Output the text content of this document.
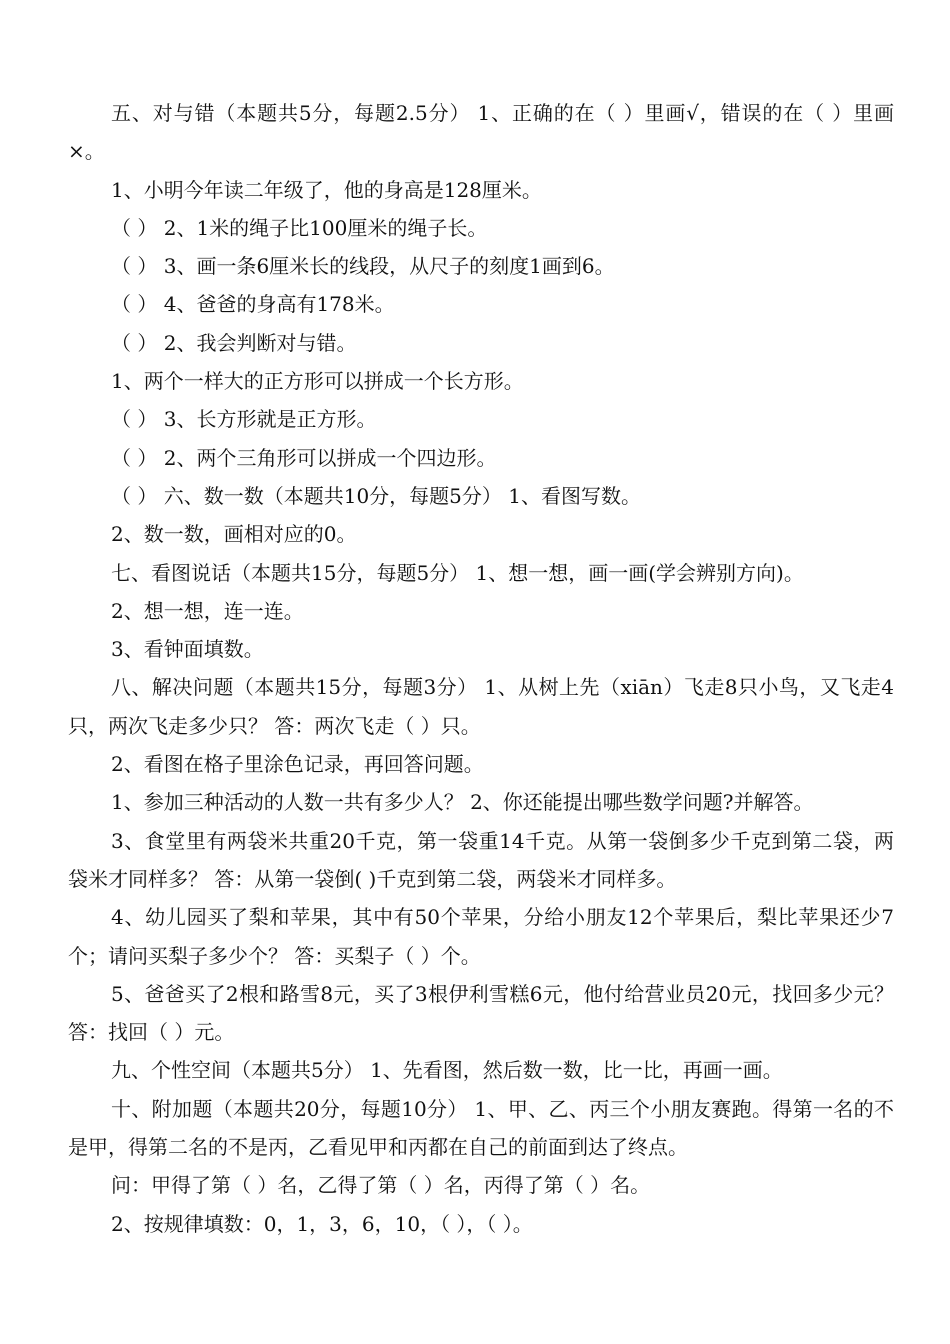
五、对与错（本题共5分，每题2.5分） 1、正确的在（ ）里画√，错误的在（ ）里画×。

1、小明今年读二年级了，他的身高是128厘米。

（ ） 2、1米的绳子比100厘米的绳子长。

（ ） 3、画一条6厘米长的线段，从尺子的刻度1画到6。

（ ） 4、爸爸的身高有178米。

（ ） 2、我会判断对与错。

1、两个一样大的正方形可以拼成一个长方形。

（ ） 3、长方形就是正方形。

（ ） 2、两个三角形可以拼成一个四边形。

（ ） 六、数一数（本题共10分，每题5分） 1、看图写数。

2、数一数，画相对应的0。

七、看图说话（本题共15分，每题5分） 1、想一想，画一画(学会辨别方向)。

2、想一想，连一连。

3、看钟面填数。

八、解决问题（本题共15分，每题3分） 1、从树上先（xiān）飞走8只小鸟，又飞走4只，两次飞走多少只？ 答：两次飞走（ ）只。

2、看图在格子里涂色记录，再回答问题。

1、参加三种活动的人数一共有多少人？ 2、你还能提出哪些数学问题?并解答。

3、食堂里有两袋米共重20千克，第一袋重14千克。从第一袋倒多少千克到第二袋，两袋米才同样多？ 答：从第一袋倒( )千克到第二袋，两袋米才同样多。

4、幼儿园买了梨和苹果，其中有50个苹果，分给小朋友12个苹果后，梨比苹果还少7个；请问买梨子多少个？ 答：买梨子（ ）个。

5、爸爸买了2根和路雪8元，买了3根伊利雪糕6元，他付给营业员20元，找回多少元？ 答：找回（ ）元。

九、个性空间（本题共5分） 1、先看图，然后数一数，比一比，再画一画。

十、附加题（本题共20分，每题10分） 1、甲、乙、丙三个小朋友赛跑。得第一名的不是甲，得第二名的不是丙，乙看见甲和丙都在自己的前面到达了终点。

问：甲得了第（ ）名，乙得了第（ ）名，丙得了第（ ）名。

2、按规律填数：0，1，3，6，10，（ ），（ ）。
